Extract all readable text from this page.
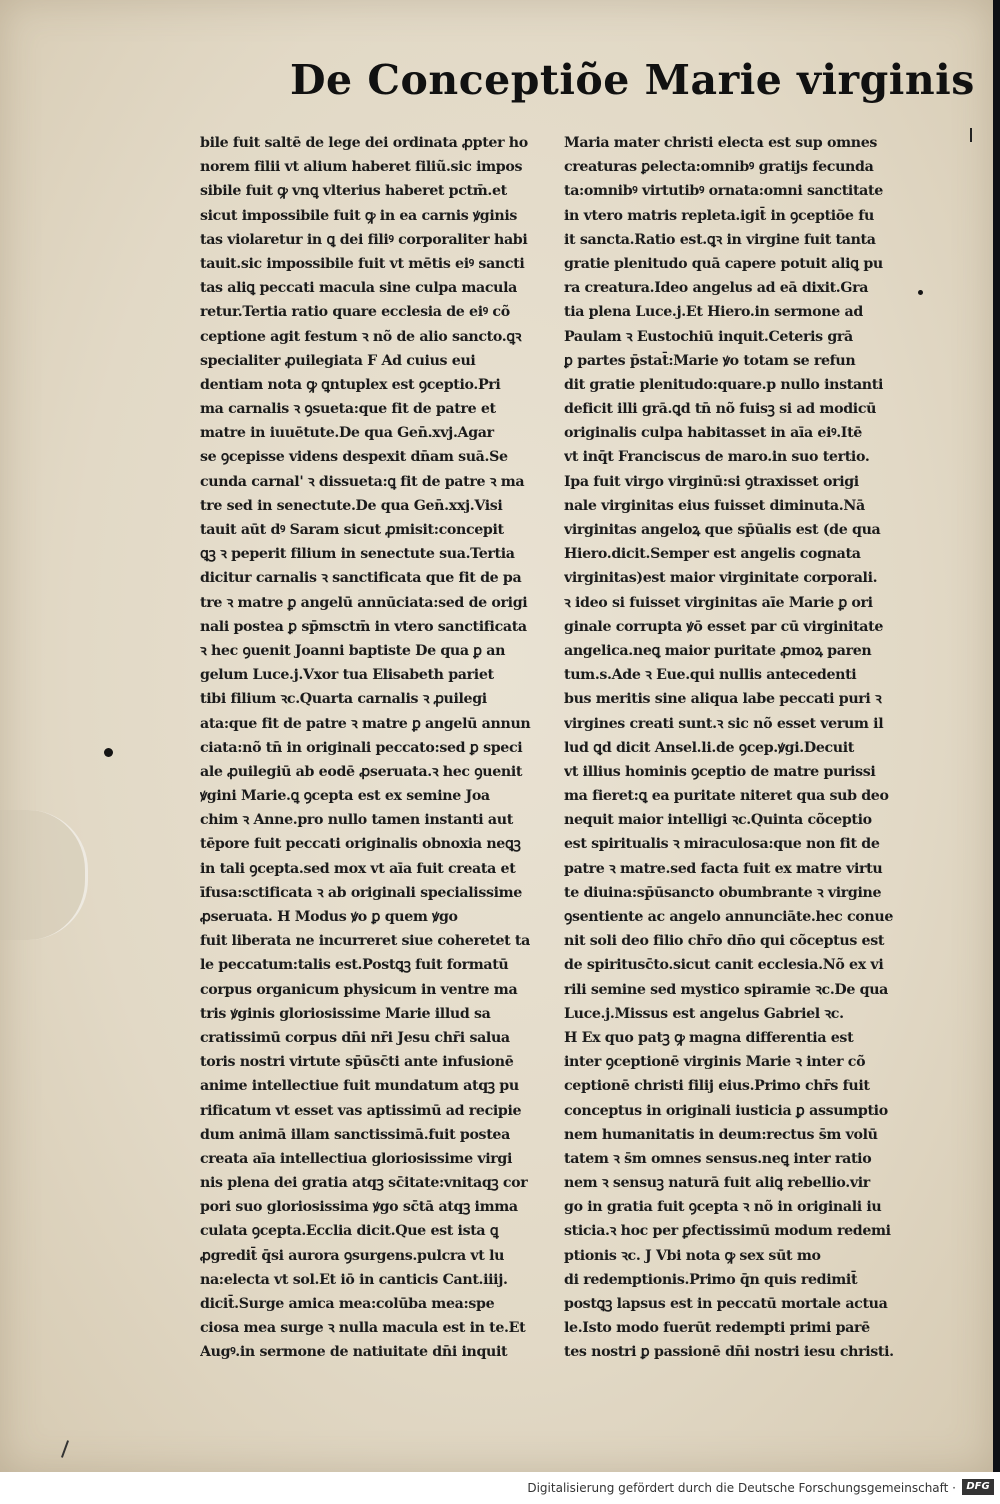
De Conceptiõe Marie virginis
bile fuit saltē de lege dei ordinata ꝓpter ho
norem filii vt alium haberet filiũ.sic impos
sibile fuit ꝙ vnꝗ vlterius haberet pctm̄.et
sicut impossibile fuit ꝙ in ea carnis ꝟginis
tas violaretur in ꝗ dei filiꝰ corporaliter habi
tauit.sic impossibile fuit vt mētis eiꝰ sancti
tas aliꝗ peccati macula sine culpa macula
retur.Tertia ratio quare ecclesia de eiꝰ cõ
ceptione agit festum ꝛ nõ de alio sancto.ꝗꝛ
specialiter ꝓuilegiata F Ad cuius eui
dentiam nota ꝙ ꝗntuplex est ꝯceptio.Pri
ma carnalis ꝛ ꝯsueta:que fit de patre et
matre in iuuētute.De qua Gen̄.xvj.Agar
se ꝯcepisse videns despexit dn̄am suā.Se
cunda carnal' ꝛ dissueta:ꝗ fit de patre ꝛ ma
tre sed in senectute.De qua Gen̄.xxj.Visi
tauit aūt dꝰ Saram sicut ꝓmisit:concepit
ꝗꝫ ꝛ peperit filium in senectute sua.Tertia
dicitur carnalis ꝛ sanctificata que fit de pa
tre ꝛ matre ꝑ angelū annūciata:sed de origi
nali postea ꝑ sp̄msctm̄ in vtero sanctificata
ꝛ hec ꝯuenit Joanni baptiste De qua ꝑ an
gelum Luce.j.Vxor tua Elisabeth pariet
tibi filium ꝛc.Quarta carnalis ꝛ ꝓuilegi
ata:que fit de patre ꝛ matre ꝑ angelū annun
ciata:nõ tn̄ in originali peccato:sed ꝑ speci
ale ꝓuilegiū ab eodē ꝓseruata.ꝛ hec ꝯuenit
ꝟgini Marie.ꝗ ꝯcepta est ex semine Joa
chim ꝛ Anne.pro nullo tamen instanti aut
tēpore fuit peccati originalis obnoxia neꝗꝫ
in tali ꝯcepta.sed mox vt aīa fuit creata et
īfusa:sctificata ꝛ ab originali specialissime
ꝓseruata. H Modus ꝟo ꝑ quem ꝟgo
fuit liberata ne incurreret siue coheretet ta
le peccatum:talis est.Postꝗꝫ fuit formatū
corpus organicum physicum in ventre ma
tris ꝟginis gloriosissime Marie illud sa
cratissimū corpus dn̄i nr̄i Jesu chr̄i salua
toris nostri virtute sp̄ūsc̄ti ante infusionē
anime intellectiue fuit mundatum atqꝫ pu
rificatum vt esset vas aptissimū ad recipie
dum animā illam sanctissimā.fuit postea
creata aīa intellectiua gloriosissime virgi
nis plena dei gratia atqꝫ sc̄itate:vnitaqꝫ cor
pori suo gloriosissima ꝟgo sc̄tā atqꝫ imma
culata ꝯcepta.Ecclia dicit.Que est ista ꝗ
ꝓgredit̄ q̄si aurora ꝯsurgens.pulcra vt lu
na:electa vt sol.Et iō in canticis Cant.iiij.
dicit̄.Surge amica mea:colūba mea:spe
ciosa mea surge ꝛ nulla macula est in te.Et
Augꝰ.in sermone de natiuitate dn̄i inquit
Maria mater christi electa est sup omnes
creaturas ꝑelecta:omnibꝰ gratijs fecunda
ta:omnibꝰ virtutibꝰ ornata:omni sanctitate
in vtero matris repleta.igit̄ in ꝯceptiōe fu
it sancta.Ratio est.ꝗꝛ in virgine fuit tanta
gratie plenitudo quā capere potuit aliꝗ pu
ra creatura.Ideo angelus ad eā dixit.Gra
tia plena Luce.j.Et Hiero.in sermone ad
Paulam ꝛ Eustochiū inquit.Ceteris grā
ꝑ partes p̄stat̄:Marie ꝟo totam se refun
dit gratie plenitudo:quare.p nullo instanti
deficit illi grā.ꝗd tn̄ nõ fuisꝫ si ad modicū
originalis culpa habitasset in aīa eiꝰ.Itē
vt inq̄t Franciscus de maro.in suo tertio.
Ipa fuit virgo virginū:si ꝯtraxisset origi
nale virginitas eius fuisset diminuta.Nā
virginitas angeloꝝ que sp̄ūalis est (de qua
Hiero.dicit.Semper est angelis cognata
virginitas)est maior virginitate corporali.
ꝛ ideo si fuisset virginitas aīe Marie ꝑ ori
ginale corrupta ꝟō esset par cū virginitate
angelica.neꝗ maior puritate ꝓmoꝝ paren
tum.s.Ade ꝛ Eue.qui nullis antecedenti
bus meritis sine aliqua labe peccati puri ꝛ
virgines creati sunt.ꝛ sic nõ esset verum il
lud ꝗd dicit Ansel.li.de ꝯcep.ꝟgi.Decuit
vt illius hominis ꝯceptio de matre purissi
ma fieret:ꝗ ea puritate niteret qua sub deo
nequit maior intelligi ꝛc.Quinta cõceptio
est spiritualis ꝛ miraculosa:que non fit de
patre ꝛ matre.sed facta fuit ex matre virtu
te diuina:sp̄ūsancto obumbrante ꝛ virgine
ꝯsentiente ac angelo annunciāte.hec conue
nit soli deo filio chr̄o dn̄o qui cõceptus est
de spiritusc̄to.sicut canit ecclesia.Nõ ex vi
rili semine sed mystico spiramie ꝛc.De qua
Luce.j.Missus est angelus Gabriel ꝛc.
H Ex quo patꝫ ꝙ magna differentia est
inter ꝯceptionē virginis Marie ꝛ inter cõ
ceptionē christi filij eius.Primo chr̄s fuit
conceptus in originali iusticia ꝑ assumptio
nem humanitatis in deum:rectus s̄m volū
tatem ꝛ s̄m omnes sensus.neꝗ inter ratio
nem ꝛ sensuꝫ naturā fuit aliꝗ rebellio.vir
go in gratia fuit ꝯcepta ꝛ nõ in originali iu
sticia.ꝛ hoc per ꝑfectissimū modum redemi
ptionis ꝛc. J Vbi nota ꝙ sex sūt mo
di redemptionis.Primo q̄n quis redimit̄
postꝗꝫ lapsus est in peccatū mortale actua
le.Isto modo fuerūt redempti primi parē
tes nostri ꝑ passionē dn̄i nostri iesu christi.
Digitalisierung gefördert durch die Deutsche Forschungsgemeinschaft ·	DFG
